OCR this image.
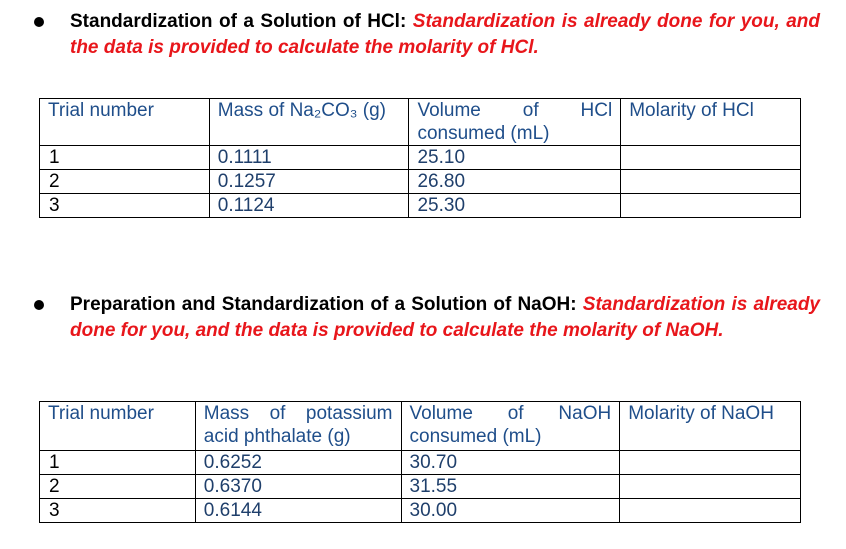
Standardization of a Solution of HCl: Standardization is already done for you, and the data is provided to calculate the molarity of HCl.
Trial number	Mass of Na₂CO₃ (g)	Volume of HCl consumed (mL)	Molarity of HCl
1	0.1111	25.10	
2	0.1257	26.80	
3	0.1124	25.30	
Preparation and Standardization of a Solution of NaOH: Standardization is already done for you, and the data is provided to calculate the molarity of NaOH.
Trial number	Mass of potassium acid phthalate (g)	Volume of NaOH consumed (mL)	Molarity of NaOH
1	0.6252	30.70	
2	0.6370	31.55	
3	0.6144	30.00	
